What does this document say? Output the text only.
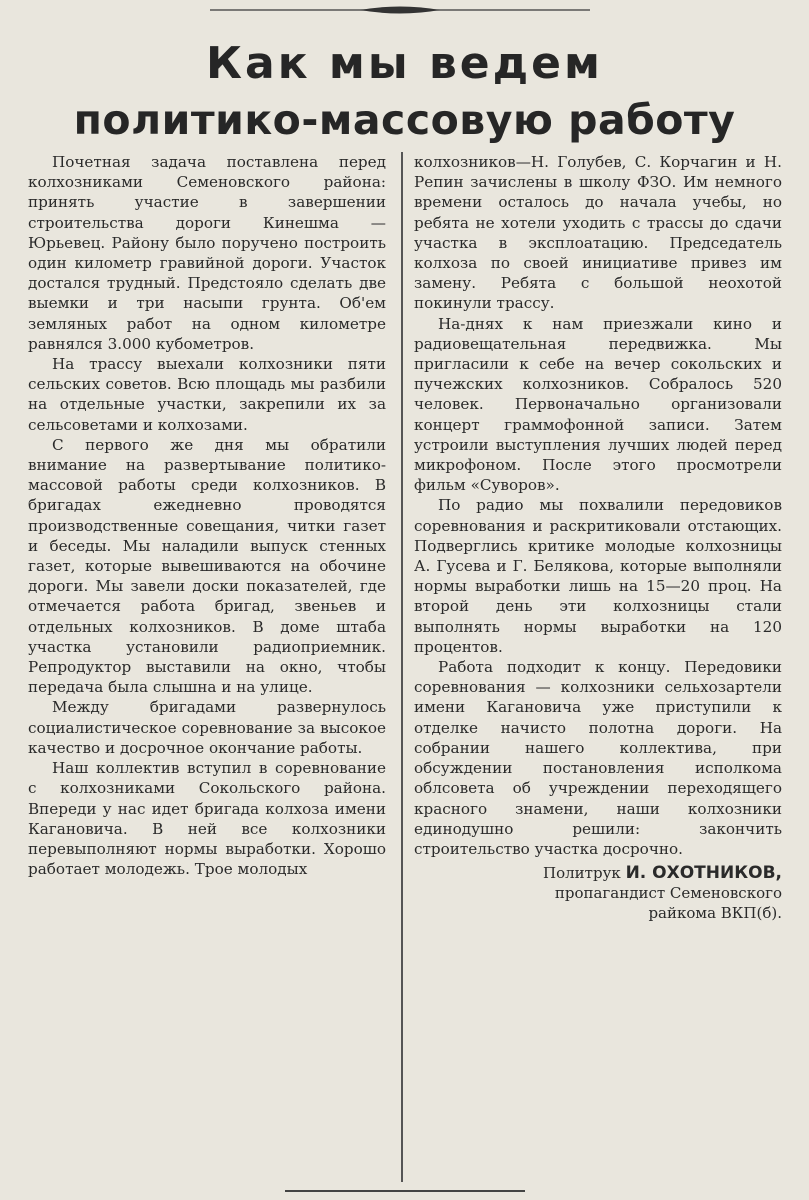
Как мы ведем
политико-массовую работу

Почетная задача поставлена перед колхозниками Семеновского района: принять участие в завершении строительства дороги Кинешма — Юрьевец. Району было поручено построить один километр гравийной дороги. Участок достался трудный. Предстояло сделать две выемки и три насыпи грунта. Об'ем земляных работ на одном километре равнялся 3.000 кубометров.

На трассу выехали колхозники пяти сельских советов. Всю площадь мы разбили на отдельные участки, закрепили их за сельсоветами и колхозами.

С первого же дня мы обратили внимание на развертывание политико-массовой работы среди колхозников. В бригадах ежедневно проводятся производственные совещания, читки газет и беседы. Мы наладили выпуск стенных газет, которые вывешиваются на обочине дороги. Мы завели доски показателей, где отмечается работа бригад, звеньев и отдельных колхозников. В доме штаба участка установили радиоприемник. Репродуктор выставили на окно, чтобы передача была слышна и на улице.

Между бригадами развернулось социалистическое соревнование за высокое качество и досрочное окончание работы.

Наш коллектив вступил в соревнование с колхозниками Сокольского района. Впереди у нас идет бригада колхоза имени Кагановича. В ней все колхозники перевыполняют нормы выработки. Хорошо работает молодежь. Трое молодых

колхозников—Н. Голубев, С. Корчагин и Н. Репин зачислены в школу ФЗО. Им немного времени осталось до начала учебы, но ребята не хотели уходить с трассы до сдачи участка в эксплоатацию. Председатель колхоза по своей инициативе привез им замену. Ребята с большой неохотой покинули трассу.

На-днях к нам приезжали кино и радиовещательная передвижка. Мы пригласили к себе на вечер сокольских и пучежских колхозников. Собралось 520 человек. Первоначально организовали концерт граммофонной записи. Затем устроили выступления лучших людей перед микрофоном. После этого просмотрели фильм «Суворов».

По радио мы похвалили передовиков соревнования и раскритиковали отстающих. Подверглись критике молодые колхозницы А. Гусева и Г. Белякова, которые выполняли нормы выработки лишь на 15—20 проц. На второй день эти колхозницы стали выполнять нормы выработки на 120 процентов.

Работа подходит к концу. Передовики соревнования — колхозники сельхозартели имени Кагановича уже приступили к отделке начисто полотна дороги. На собрании нашего коллектива, при обсуждении постановления исполкома облсовета об учреждении переходящего красного знамени, наши колхозники единодушно решили: закончить строительство участка досрочно.

Политрук И. ОХОТНИКОВ,
пропагандист Семеновского
райкома ВКП(б).
